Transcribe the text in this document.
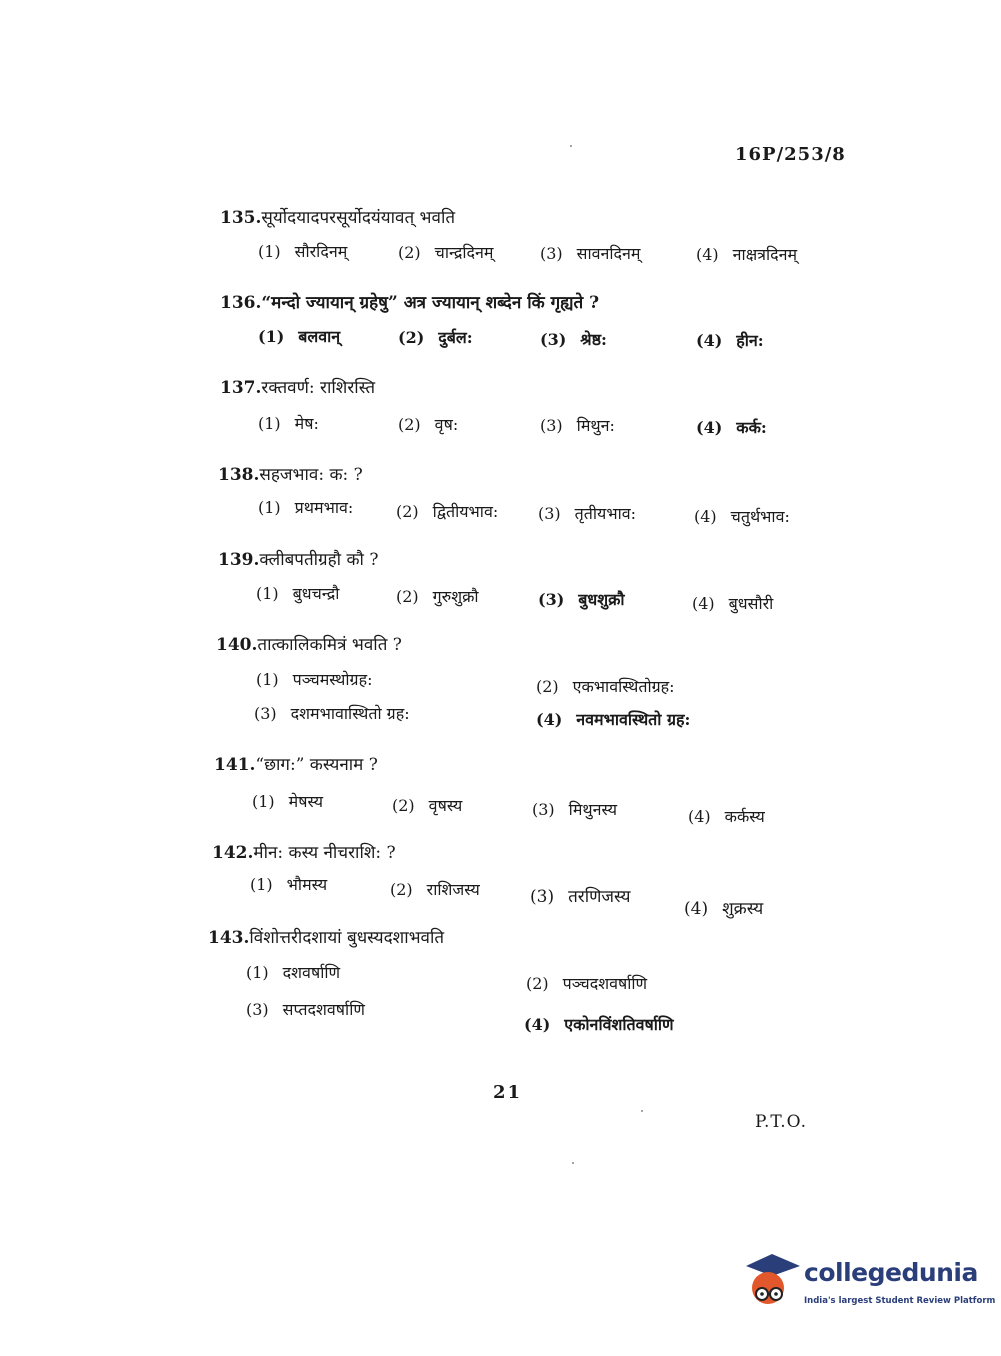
16P/253/8
135.सूर्योदयादपरसूर्योदयंयावत् भवति
(1) सौरदिनम्	(2) चान्द्रदिनम्	(3) सावनदिनम्	(4) नाक्षत्रदिनम्
136.“मन्दो ज्यायान् ग्रहेषु” अत्र ज्यायान् शब्देन किं गृह्यते ?
(1) बलवान्	(2) दुर्बल:	(3) श्रेष्ठ:	(4) हीन:
137.रक्तवर्ण: राशिरस्ति
(1) मेष:	(2) वृष:	(3) मिथुन:	(4) कर्क:
138.सहजभाव: क: ?
(1) प्रथमभाव:	(2) द्वितीयभाव: (3) तृतीयभाव:	(4) चतुर्थभाव:
139.क्लीबपतीग्रहौ कौ ?
(1) बुधचन्द्रौ	(2) गुरुशुक्रौ	(3) बुधशुक्रौ	(4) बुधसौरी
140.तात्कालिकमित्रं भवति ?
(1) पञ्चमस्थोग्रह:	(2) एकभावस्थितोग्रह:
(3) दशमभावास्थितो ग्रह:	(4) नवमभावस्थितो ग्रह:
141.“छाग:” कस्यनाम ?
(1) मेषस्य	(2) वृषस्य	(3) मिथुनस्य	(4) कर्कस्य
142.मीन: कस्य नीचराशि: ?
(1) भौमस्य	(2) राशिजस्य	(3) तरणिजस्य
(4) शुक्रस्य
143.विंशोत्तरीदशायां बुधस्यदशाभवति
(1) दशवर्षाणि
(2) पञ्चदशवर्षाणि
(3) सप्तदशवर्षाणि
(4) एकोनविंशतिवर्षाणि
21
P.T.O.
collegedunia
India's largest Student Review Platform
